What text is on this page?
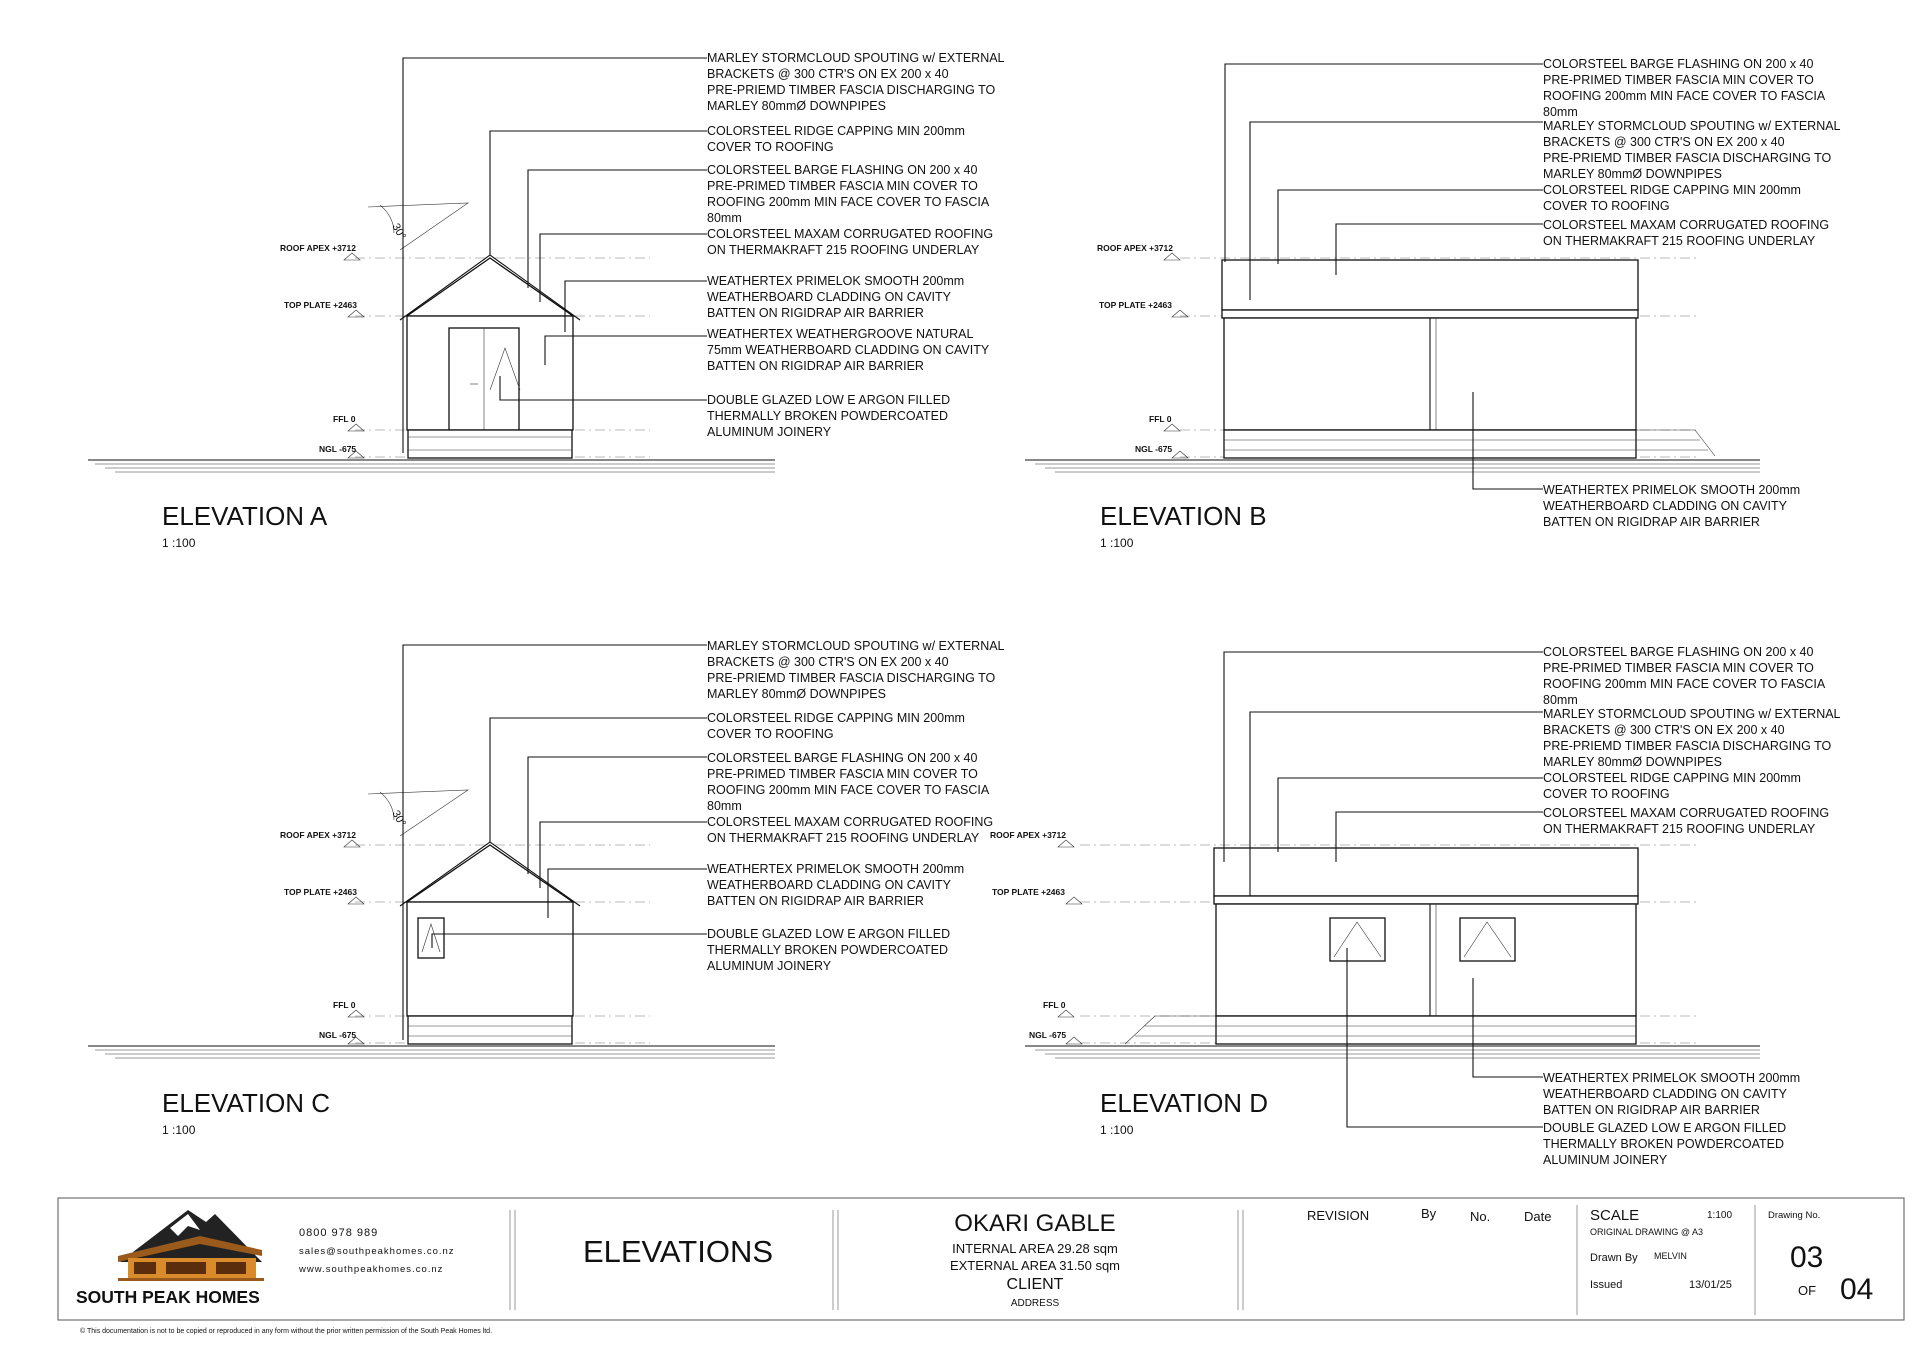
ROOF APEX +3712
TOP PLATE +2463
FFL 0
NGL -675
30°
MARLEY STORMCLOUD SPOUTING w/ EXTERNAL BRACKETS @ 300 CTR'S ON EX 200 x 40 PRE-PRIEMD TIMBER FASCIA DISCHARGING TO MARLEY 80mmØ DOWNPIPES
COLORSTEEL RIDGE CAPPING MIN 200mm COVER TO ROOFING
COLORSTEEL BARGE FLASHING ON 200 x 40 PRE-PRIMED TIMBER FASCIA MIN COVER TO ROOFING 200mm MIN FACE COVER TO FASCIA 80mm
COLORSTEEL MAXAM CORRUGATED ROOFING ON THERMAKRAFT 215 ROOFING UNDERLAY
WEATHERTEX PRIMELOK SMOOTH 200mm WEATHERBOARD CLADDING ON CAVITY BATTEN ON RIGIDRAP AIR BARRIER
WEATHERTEX WEATHERGROOVE NATURAL 75mm WEATHERBOARD CLADDING ON CAVITY BATTEN ON RIGIDRAP AIR BARRIER
DOUBLE GLAZED LOW E ARGON FILLED THERMALLY BROKEN POWDERCOATED ALUMINUM JOINERY
ELEVATION A
1 :100
ROOF APEX +3712
TOP PLATE +2463
FFL 0
NGL -675
COLORSTEEL BARGE FLASHING ON 200 x 40 PRE-PRIMED TIMBER FASCIA MIN COVER TO ROOFING 200mm MIN FACE COVER TO FASCIA 80mm
MARLEY STORMCLOUD SPOUTING w/ EXTERNAL BRACKETS @ 300 CTR'S ON EX 200 x 40 PRE-PRIEMD TIMBER FASCIA DISCHARGING TO MARLEY 80mmØ DOWNPIPES
COLORSTEEL RIDGE CAPPING MIN 200mm COVER TO ROOFING
COLORSTEEL MAXAM CORRUGATED ROOFING ON THERMAKRAFT 215 ROOFING UNDERLAY
WEATHERTEX PRIMELOK SMOOTH 200mm WEATHERBOARD CLADDING ON CAVITY BATTEN ON RIGIDRAP AIR BARRIER
ELEVATION B
1 :100
ROOF APEX +3712
TOP PLATE +2463
FFL 0
NGL -675
30°
MARLEY STORMCLOUD SPOUTING w/ EXTERNAL BRACKETS @ 300 CTR'S ON EX 200 x 40 PRE-PRIEMD TIMBER FASCIA DISCHARGING TO MARLEY 80mmØ DOWNPIPES
COLORSTEEL RIDGE CAPPING MIN 200mm COVER TO ROOFING
COLORSTEEL BARGE FLASHING ON 200 x 40 PRE-PRIMED TIMBER FASCIA MIN COVER TO ROOFING 200mm MIN FACE COVER TO FASCIA 80mm
COLORSTEEL MAXAM CORRUGATED ROOFING ON THERMAKRAFT 215 ROOFING UNDERLAY
WEATHERTEX PRIMELOK SMOOTH 200mm WEATHERBOARD CLADDING ON CAVITY BATTEN ON RIGIDRAP AIR BARRIER
DOUBLE GLAZED LOW E ARGON FILLED THERMALLY BROKEN POWDERCOATED ALUMINUM JOINERY
ELEVATION C
1 :100
ROOF APEX +3712
TOP PLATE +2463
FFL 0
NGL -675
COLORSTEEL BARGE FLASHING ON 200 x 40 PRE-PRIMED TIMBER FASCIA MIN COVER TO ROOFING 200mm MIN FACE COVER TO FASCIA 80mm
MARLEY STORMCLOUD SPOUTING w/ EXTERNAL BRACKETS @ 300 CTR'S ON EX 200 x 40 PRE-PRIEMD TIMBER FASCIA DISCHARGING TO MARLEY 80mmØ DOWNPIPES
COLORSTEEL RIDGE CAPPING MIN 200mm COVER TO ROOFING
COLORSTEEL MAXAM CORRUGATED ROOFING ON THERMAKRAFT 215 ROOFING UNDERLAY
WEATHERTEX PRIMELOK SMOOTH 200mm WEATHERBOARD CLADDING ON CAVITY BATTEN ON RIGIDRAP AIR BARRIER
DOUBLE GLAZED LOW E ARGON FILLED THERMALLY BROKEN POWDERCOATED ALUMINUM JOINERY
ELEVATION D
1 :100
SOUTH PEAK HOMES
0800 978 989
sales@southpeakhomes.co.nz
www.southpeakhomes.co.nz
ELEVATIONS
OKARI GABLE
INTERNAL AREA 29.28 sqm
EXTERNAL AREA 31.50 sqm
CLIENT
ADDRESS
REVISION	By	No.	Date	SCALE	1:100
ORIGINAL DRAWING @ A3
Drawn By MELVIN
Issued	13/01/25
Drawing No.
03
OF 04
© This documentation is not to be copied or reproduced in any form without the prior written permission of the South Peak Homes ltd.
